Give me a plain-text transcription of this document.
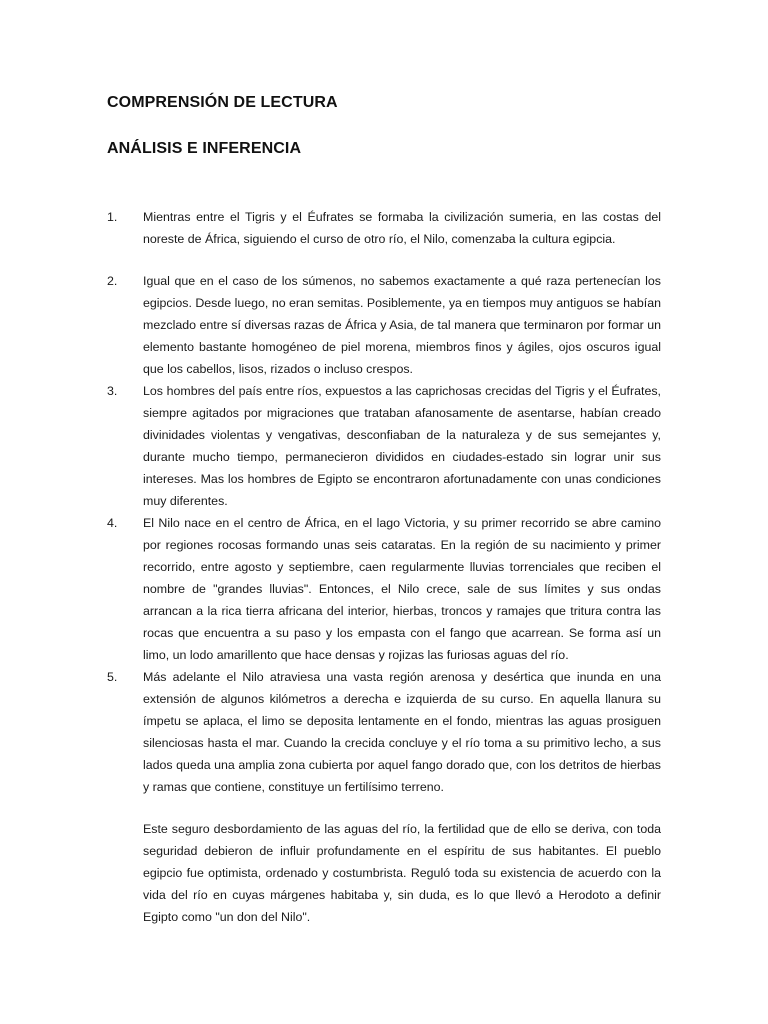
COMPRENSIÓN DE LECTURA
ANÁLISIS E INFERENCIA
1.	Mientras entre el Tigris y el Éufrates se formaba la civilización sumeria, en las costas del noreste de África, siguiendo el curso de otro río, el Nilo, comenzaba la cultura egipcia.

2.	Igual que en el caso de los súmenos, no sabemos exactamente a qué raza pertenecían los egipcios. Desde luego, no eran semitas. Posiblemente, ya en tiempos muy antiguos se habían mezclado entre sí diversas razas de África y Asia, de tal manera que terminaron por formar un elemento bastante homogéneo de piel morena, miembros finos y ágiles, ojos oscuros igual que los cabellos, lisos, rizados o incluso crespos.

3.	Los hombres del país entre ríos, expuestos a las caprichosas crecidas del Tigris y el Éufrates, siempre agitados por migraciones que trataban afanosamente de asentarse, habían creado divinidades violentas y vengativas, desconfiaban de la naturaleza y de sus semejantes y, durante mucho tiempo, permanecieron divididos en ciudades-estado sin lograr unir sus intereses. Mas los hombres de Egipto se encontraron afortunadamente con unas condiciones muy diferentes.

4.	El Nilo nace en el centro de África, en el lago Victoria, y su primer recorrido se abre camino por regiones rocosas formando unas seis cataratas. En la región de su nacimiento y primer recorrido, entre agosto y septiembre, caen regularmente lluvias torrenciales que reciben el nombre de "grandes lluvias". Entonces, el Nilo crece, sale de sus límites y sus ondas arrancan a la rica tierra africana del interior, hierbas, troncos y ramajes que tritura contra las rocas que encuentra a su paso y los empasta con el fango que acarrean. Se forma así un limo, un lodo amarillento que hace densas y rojizas las furiosas aguas del río.

5.	Más adelante el Nilo atraviesa una vasta región arenosa y desértica que inunda en una extensión de algunos kilómetros a derecha e izquierda de su curso. En aquella llanura su ímpetu se aplaca, el limo se deposita lentamente en el fondo, mientras las aguas prosiguen silenciosas hasta el mar. Cuando la crecida concluye y el río toma a su primitivo lecho, a sus lados queda una amplia zona cubierta por aquel fango dorado que, con los detritos de hierbas y ramas que contiene, constituye un fertilísimo terreno.

Este seguro desbordamiento de las aguas del río, la fertilidad que de ello se deriva, con toda seguridad debieron de influir profundamente en el espíritu de sus habitantes. El pueblo egipcio fue optimista, ordenado y costumbrista. Reguló toda su existencia de acuerdo con la vida del río en cuyas márgenes habitaba y, sin duda, es lo que llevó a Herodoto a definir Egipto como "un don del Nilo".
